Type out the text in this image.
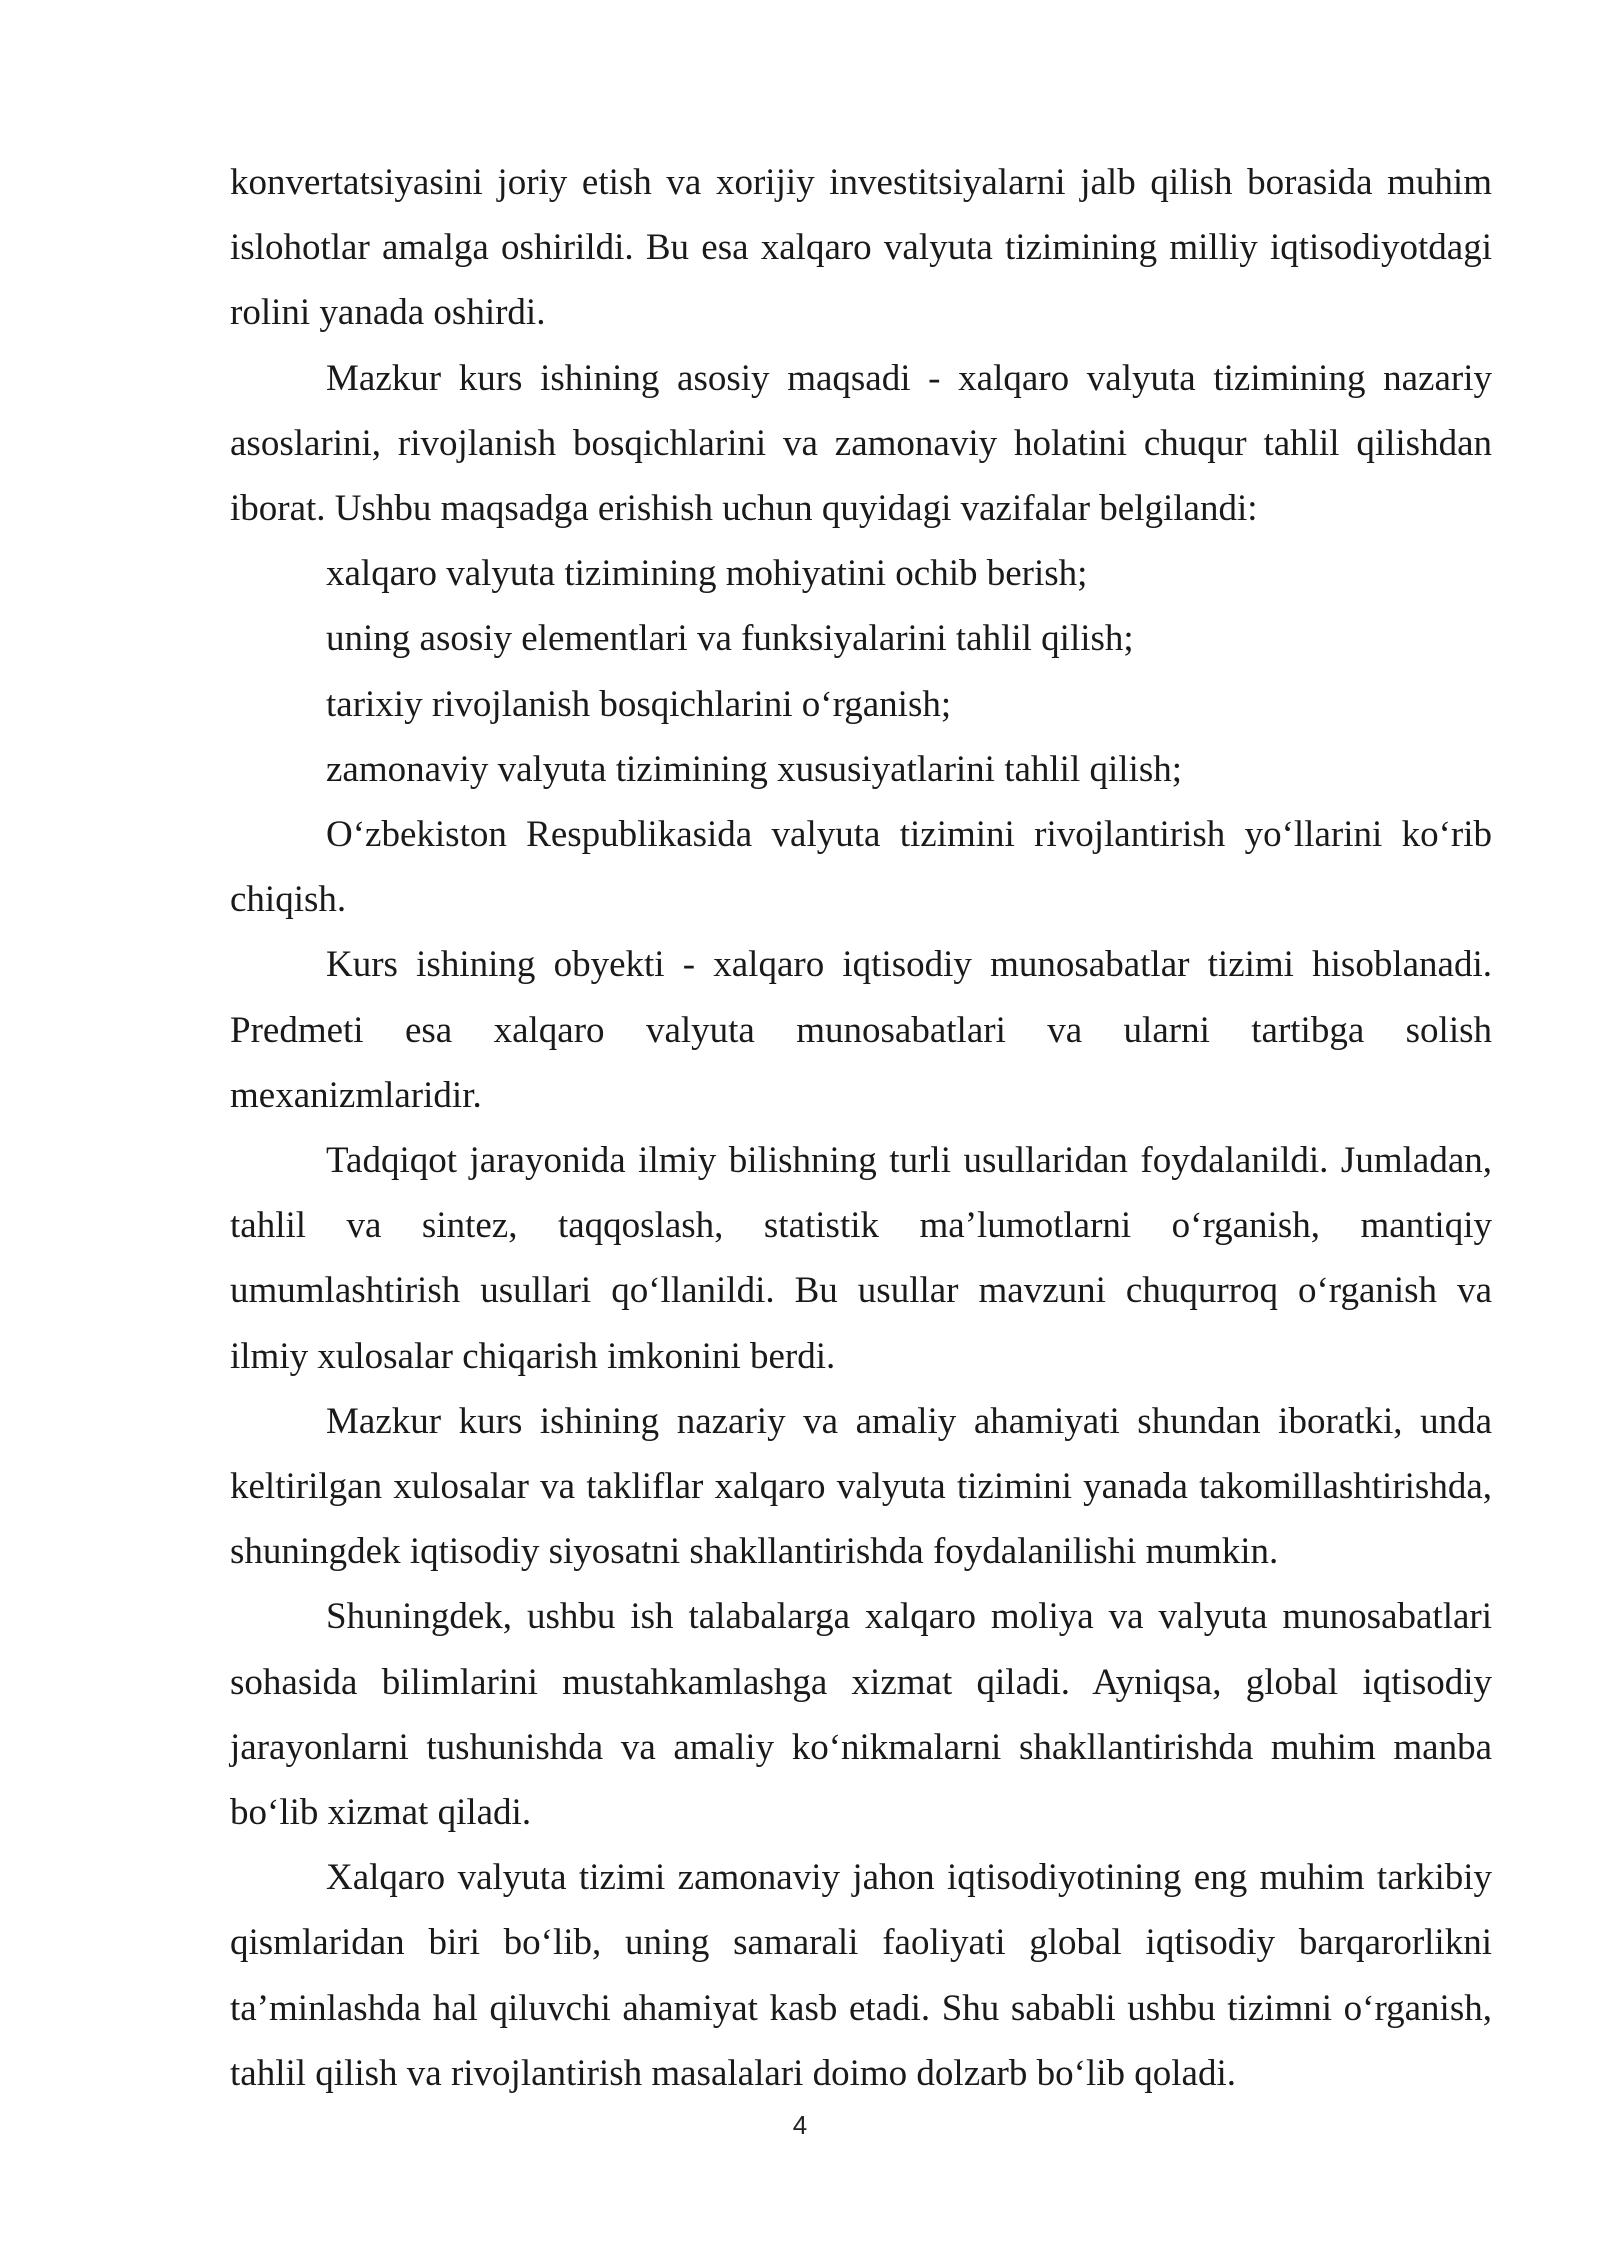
konvertatsiyasini joriy etish va xorijiy investitsiyalarni jalb qilish borasida muhim islohotlar amalga oshirildi. Bu esa xalqaro valyuta tizimining milliy iqtisodiyotdagi rolini yanada oshirdi.

Mazkur kurs ishining asosiy maqsadi - xalqaro valyuta tizimining nazariy asoslarini, rivojlanish bosqichlarini va zamonaviy holatini chuqur tahlil qilishdan iborat. Ushbu maqsadga erishish uchun quyidagi vazifalar belgilandi:

xalqaro valyuta tizimining mohiyatini ochib berish;

uning asosiy elementlari va funksiyalarini tahlil qilish;

tarixiy rivojlanish bosqichlarini o‘rganish;

zamonaviy valyuta tizimining xususiyatlarini tahlil qilish;

O‘zbekiston Respublikasida valyuta tizimini rivojlantirish yo‘llarini ko‘rib chiqish.

Kurs ishining obyekti - xalqaro iqtisodiy munosabatlar tizimi hisoblanadi. Predmeti esa xalqaro valyuta munosabatlari va ularni tartibga solish mexanizmlaridir.

Tadqiqot jarayonida ilmiy bilishning turli usullaridan foydalanildi. Jumladan, tahlil va sintez, taqqoslash, statistik ma’lumotlarni o‘rganish, mantiqiy umumlashtirish usullari qo‘llanildi. Bu usullar mavzuni chuqurroq o‘rganish va ilmiy xulosalar chiqarish imkonini berdi.

Mazkur kurs ishining nazariy va amaliy ahamiyati shundan iboratki, unda keltirilgan xulosalar va takliflar xalqaro valyuta tizimini yanada takomillashtirishda, shuningdek iqtisodiy siyosatni shakllantirishda foydalanilishi mumkin.

Shuningdek, ushbu ish talabalarga xalqaro moliya va valyuta munosabatlari sohasida bilimlarini mustahkamlashga xizmat qiladi. Ayniqsa, global iqtisodiy jarayonlarni tushunishda va amaliy ko‘nikmalarni shakllantirishda muhim manba bo‘lib xizmat qiladi.

Xalqaro valyuta tizimi zamonaviy jahon iqtisodiyotining eng muhim tarkibiy qismlaridan biri bo‘lib, uning samarali faoliyati global iqtisodiy barqarorlikni ta’minlashda hal qiluvchi ahamiyat kasb etadi. Shu sababli ushbu tizimni o‘rganish, tahlil qilish va rivojlantirish masalalari doimo dolzarb bo‘lib qoladi.

4
